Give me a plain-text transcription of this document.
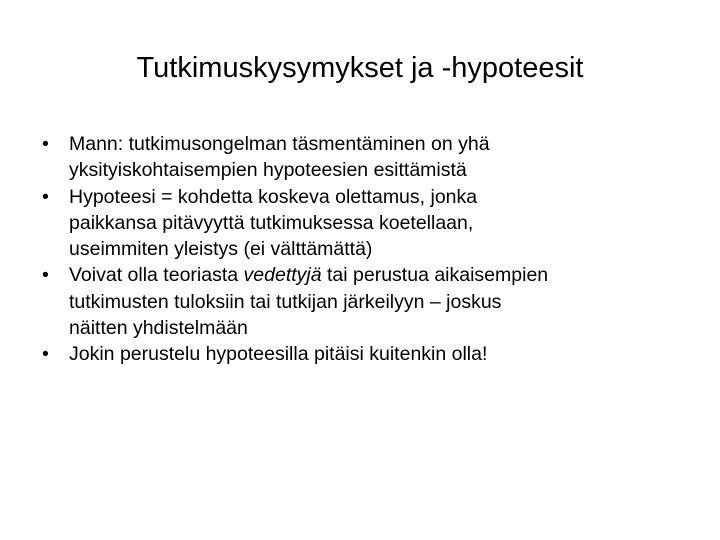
Tutkimuskysymykset ja -hypoteesit
•	Mann: tutkimusongelman täsmentäminen on yhä
yksityiskohtaisempien hypoteesien esittämistä
•	Hypoteesi = kohdetta koskeva olettamus, jonka
paikkansa pitävyyttä tutkimuksessa koetellaan,
useimmiten yleistys (ei välttämättä)
•	Voivat olla teoriasta vedettyjä tai perustua aikaisempien
tutkimusten tuloksiin tai tutkijan järkeilyyn – joskus
näitten yhdistelmään
•	Jokin perustelu hypoteesilla pitäisi kuitenkin olla!
